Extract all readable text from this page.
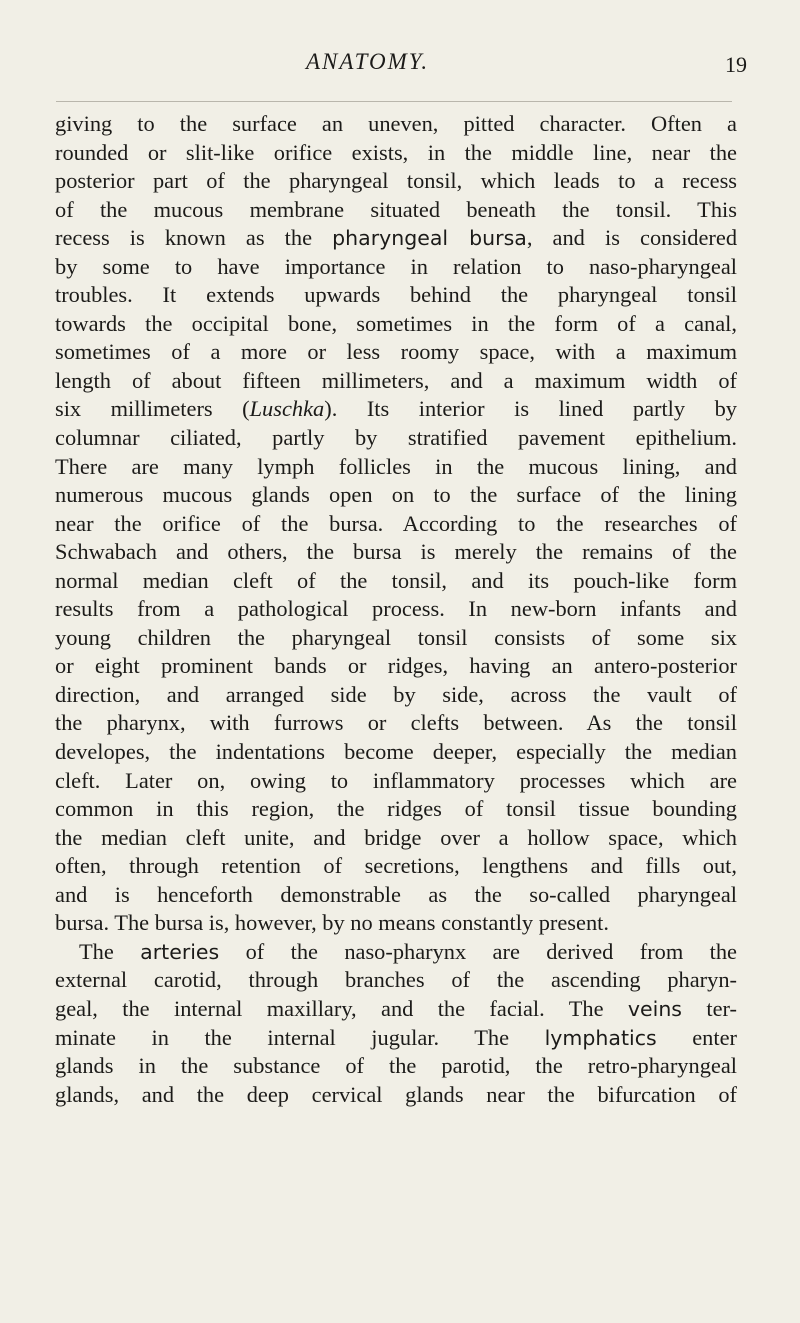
ANATOMY.	19
giving to the surface an uneven, pitted character. Often a
rounded or slit-like orifice exists, in the middle line, near the
posterior part of the pharyngeal tonsil, which leads to a recess
of the mucous membrane situated beneath the tonsil. This
recess is known as the pharyngeal bursa, and is considered
by some to have importance in relation to naso-pharyngeal
troubles. It extends upwards behind the pharyngeal tonsil
towards the occipital bone, sometimes in the form of a canal,
sometimes of a more or less roomy space, with a maximum
length of about fifteen millimeters, and a maximum width of
six millimeters (Luschka). Its interior is lined partly by
columnar ciliated, partly by stratified pavement epithelium.
There are many lymph follicles in the mucous lining, and
numerous mucous glands open on to the surface of the lining
near the orifice of the bursa. According to the researches of
Schwabach and others, the bursa is merely the remains of the
normal median cleft of the tonsil, and its pouch-like form
results from a pathological process. In new-born infants and
young children the pharyngeal tonsil consists of some six
or eight prominent bands or ridges, having an antero-posterior
direction, and arranged side by side, across the vault of
the pharynx, with furrows or clefts between. As the tonsil
developes, the indentations become deeper, especially the median
cleft. Later on, owing to inflammatory processes which are
common in this region, the ridges of tonsil tissue bounding
the median cleft unite, and bridge over a hollow space, which
often, through retention of secretions, lengthens and fills out,
and is henceforth demonstrable as the so-called pharyngeal
bursa. The bursa is, however, by no means constantly present.
The arteries of the naso-pharynx are derived from the
external carotid, through branches of the ascending pharyn-
geal, the internal maxillary, and the facial. The veins ter-
minate in the internal jugular. The lymphatics enter
glands in the substance of the parotid, the retro-pharyngeal
glands, and the deep cervical glands near the bifurcation of
